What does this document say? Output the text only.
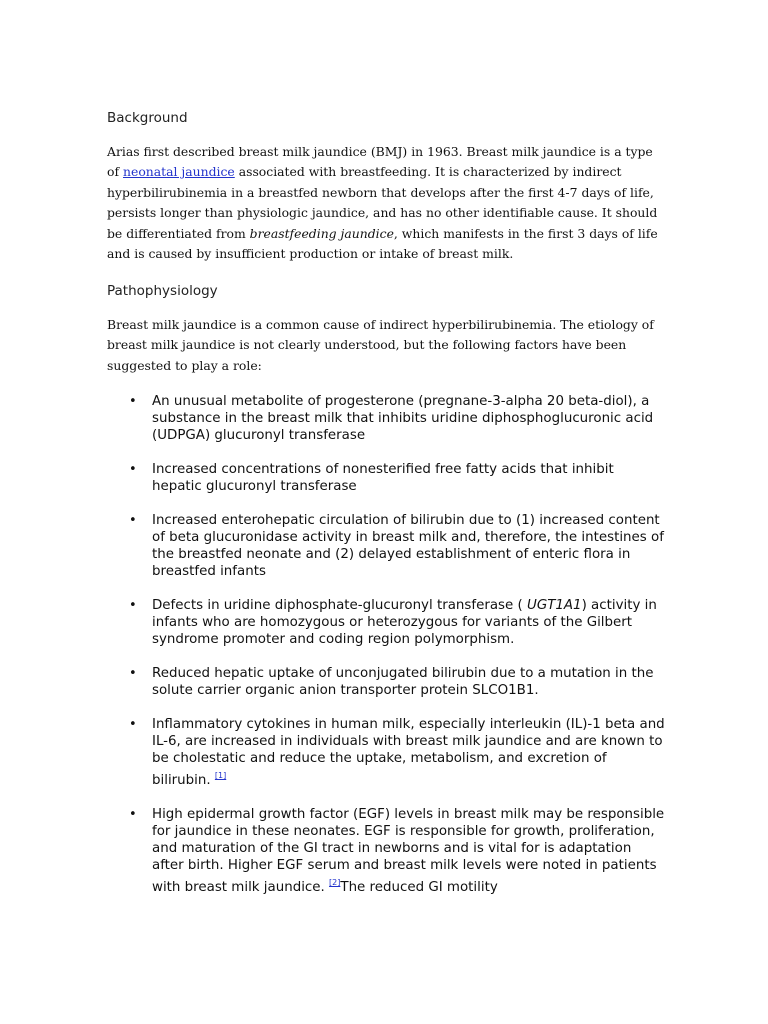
Background

Arias first described breast milk jaundice (BMJ) in 1963. Breast milk jaundice is a type of neonatal jaundice associated with breastfeeding. It is characterized by indirect hyperbilirubinemia in a breastfed newborn that develops after the first 4-7 days of life, persists longer than physiologic jaundice, and has no other identifiable cause. It should be differentiated from breastfeeding jaundice, which manifests in the first 3 days of life and is caused by insufficient production or intake of breast milk.

Pathophysiology

Breast milk jaundice is a common cause of indirect hyperbilirubinemia. The etiology of breast milk jaundice is not clearly understood, but the following factors have been suggested to play a role:

• An unusual metabolite of progesterone (pregnane-3-alpha 20 beta-diol), a substance in the breast milk that inhibits uridine diphosphoglucuronic acid (UDPGA) glucuronyl transferase
• Increased concentrations of nonesterified free fatty acids that inhibit hepatic glucuronyl transferase
• Increased enterohepatic circulation of bilirubin due to (1) increased content of beta glucuronidase activity in breast milk and, therefore, the intestines of the breastfed neonate and (2) delayed establishment of enteric flora in breastfed infants
• Defects in uridine diphosphate-glucuronyl transferase ( UGT1A1) activity in infants who are homozygous or heterozygous for variants of the Gilbert syndrome promoter and coding region polymorphism.
• Reduced hepatic uptake of unconjugated bilirubin due to a mutation in the solute carrier organic anion transporter protein SLCO1B1.
• Inflammatory cytokines in human milk, especially interleukin (IL)-1 beta and IL-6, are increased in individuals with breast milk jaundice and are known to be cholestatic and reduce the uptake, metabolism, and excretion of bilirubin. [1]
• High epidermal growth factor (EGF) levels in breast milk may be responsible for jaundice in these neonates. EGF is responsible for growth, proliferation, and maturation of the GI tract in newborns and is vital for is adaptation after birth. Higher EGF serum and breast milk levels were noted in patients with breast milk jaundice. [2]The reduced GI motility
